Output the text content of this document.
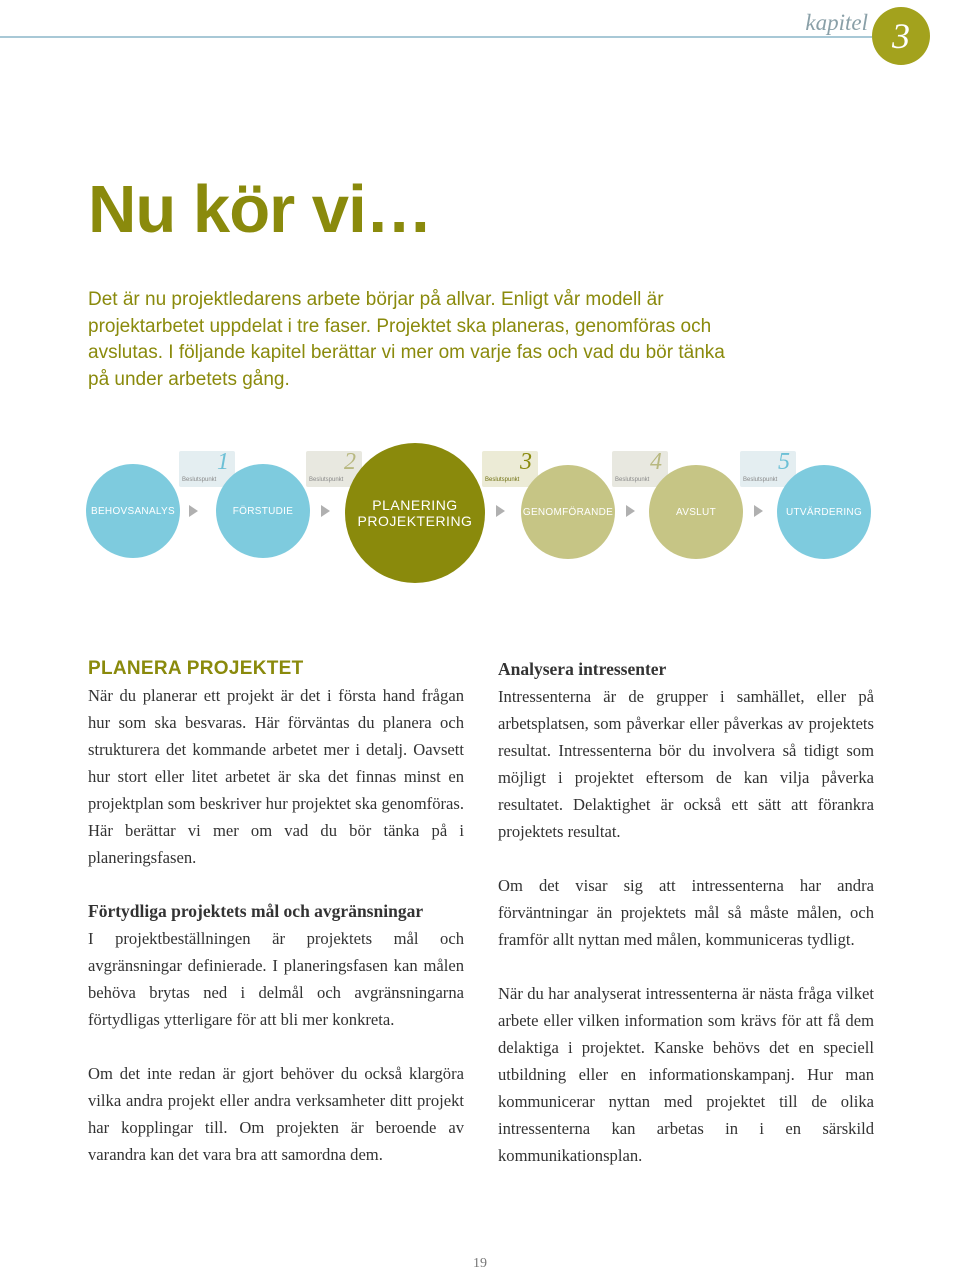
kapitel 3
Nu kör vi…

Det är nu projektledarens arbete börjar på allvar. Enligt vår modell är projektarbetet uppdelat i tre faser. Projektet ska planeras, genomföras och avslutas. I följande kapitel berättar vi mer om varje fas och vad du bör tänka på under arbetets gång.

1
Beslutspunkt
2
Beslutspunkt
3
Beslutspunkt
4
Beslutspunkt
5
Beslutspunkt
BEHOVSANALYS	FÖRSTUDIE	PLANERING
PROJEKTERING
GENOMFÖRANDE	AVSLUT	UTVÄRDERING
PLANERA PROJEKTET

När du planerar ett projekt är det i första hand frågan hur som ska besvaras. Här förväntas du planera och strukturera det kommande arbetet mer i detalj. Oavsett hur stort eller litet arbetet är ska det finnas minst en projektplan som beskriver hur projektet ska genomföras. Här berättar vi mer om vad du bör tänka på i planeringsfasen.

Förtydliga projektets mål och avgränsningar

I projektbeställningen är projektets mål och avgränsningar definierade. I planeringsfasen kan målen behöva brytas ned i delmål och avgränsningarna förtydligas ytterligare för att bli mer konkreta.

Om det inte redan är gjort behöver du också klargöra vilka andra projekt eller andra verksamheter ditt projekt har kopplingar till. Om projekten är beroende av varandra kan det vara bra att samordna dem.

Analysera intressenter

Intressenterna är de grupper i samhället, eller på arbetsplatsen, som påverkar eller påverkas av projektets resultat. Intressenterna bör du involvera så tidigt som möjligt i projektet eftersom de kan vilja påverka resultatet. Delaktighet är också ett sätt att förankra projektets resultat.

Om det visar sig att intressenterna har andra förväntningar än projektets mål så måste målen, och framför allt nyttan med målen, kommuniceras tydligt.

När du har analyserat intressenterna är nästa fråga vilket arbete eller vilken information som krävs för att få dem delaktiga i projektet. Kanske behövs det en speciell utbildning eller en informationskampanj. Hur man kommunicerar nyttan med projektet till de olika intressenterna kan arbetas in i en särskild kommunikationsplan.

19
